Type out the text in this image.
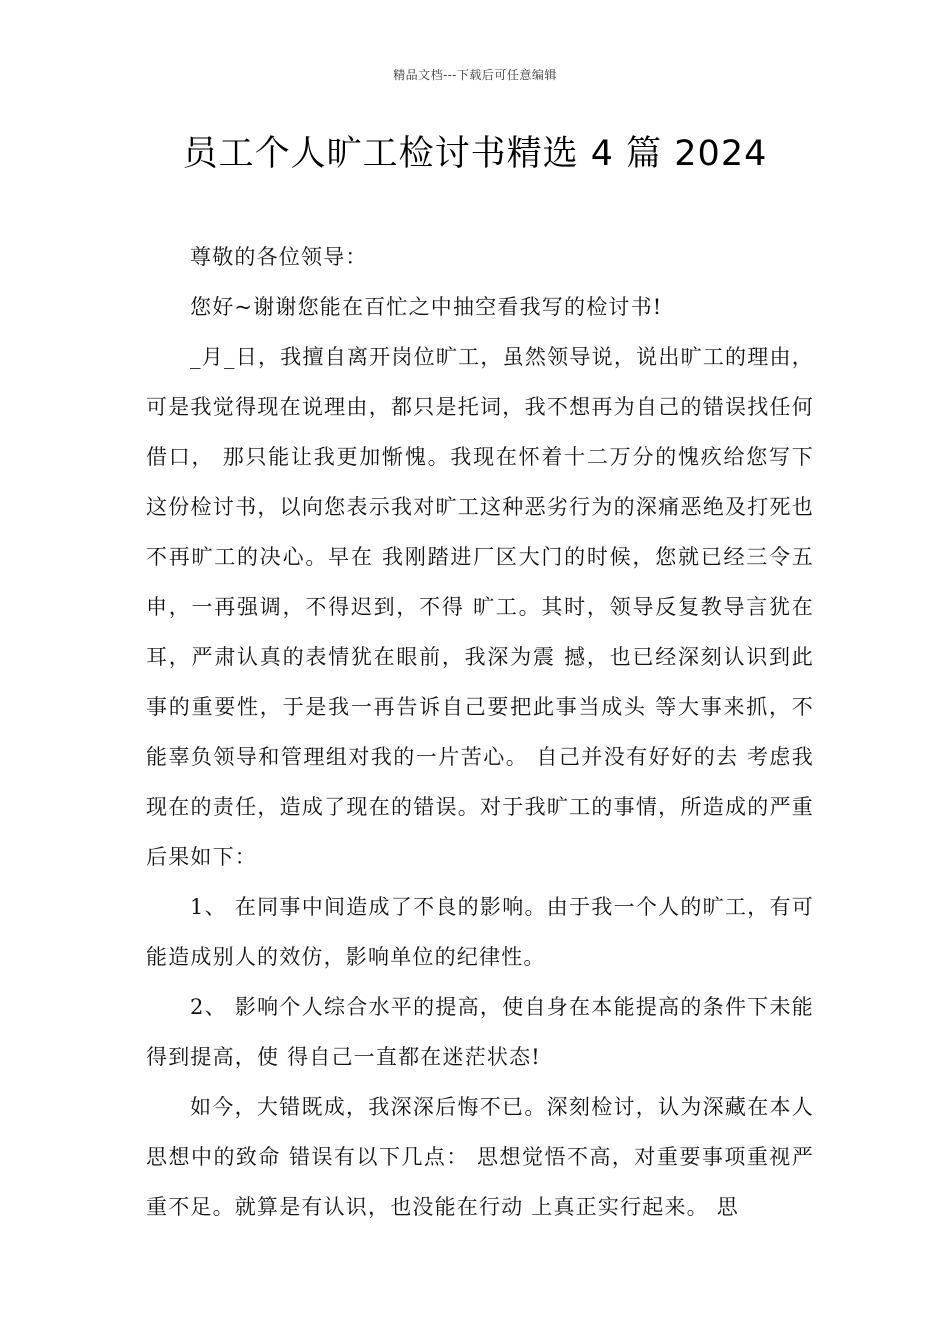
精品文档---下载后可任意编辑
员工个人旷工检讨书精选 4 篇 2024

尊敬的各位领导：

您好~谢谢您能在百忙之中抽空看我写的检讨书!

_月_日，我擅自离开岗位旷工，虽然领导说，说出旷工的理由， 可是我觉得现在说理由，都只是托词，我不想再为自己的错误找任何借口， 那只能让我更加惭愧。我现在怀着十二万分的愧疚给您写下这份检讨书，以向您表示我对旷工这种恶劣行为的深痛恶绝及打死也不再旷工的决心。早在 我刚踏进厂区大门的时候，您就已经三令五申，一再强调，不得迟到，不得 旷工。其时，领导反复教导言犹在耳，严肃认真的表情犹在眼前，我深为震 撼，也已经深刻认识到此事的重要性，于是我一再告诉自己要把此事当成头 等大事来抓，不能辜负领导和管理组对我的一片苦心。 自己并没有好好的去 考虑我现在的责任，造成了现在的错误。对于我旷工的事情，所造成的严重后果如下：

1、 在同事中间造成了不良的影响。由于我一个人的旷工，有可能造成别人的效仿，影响单位的纪律性。

2、 影响个人综合水平的提高，使自身在本能提高的条件下未能得到提高，使 得自己一直都在迷茫状态!

如今，大错既成，我深深后悔不已。深刻检讨，认为深藏在本人思想中的致命 错误有以下几点： 思想觉悟不高，对重要事项重视严重不足。就算是有认识，也没能在行动 上真正实行起来。 思
